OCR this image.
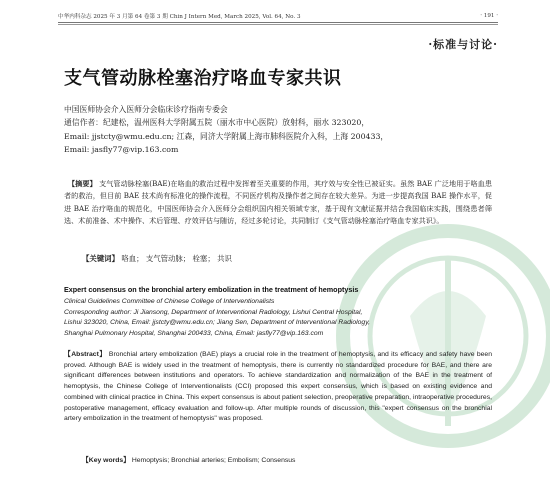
中华内科杂志 2025 年 3 月第 64 卷第 3 期 Chin J Intern Med, March 2025, Vol. 64, No. 3	· 191 ·
·标准与讨论·
支气管动脉栓塞治疗咯血专家共识
中国医师协会介入医师分会临床诊疗指南专委会
通信作者：纪建松，温州医科大学附属五院（丽水市中心医院）放射科，丽水 323020，
Email: jjstcty@wmu.edu.cn; 江森，同济大学附属上海市肺科医院介入科，上海 200433，
Email: jasfly77@vip.163.com
【摘要】 支气管动脉栓塞(BAE)在咯血的救治过程中发挥着至关重要的作用，其疗效与安全性已被证实。虽然 BAE 广泛地用于咯血患者的救治，但目前 BAE 技术尚有标准化的操作流程，不同医疗机构及操作者之间存在较大差异。为进一步提高我国 BAE 操作水平，促进 BAE 治疗咯血的规范化，中国医师协会介入医师分会组织国内相关领域专家，基于现有文献证据并结合我国临床实践，围绕患者筛选、术前准备、术中操作、术后管理、疗效评估与随访，经过多轮讨论，共同制订《支气管动脉栓塞治疗咯血专家共识》。
【关键词】 咯血； 支气管动脉； 栓塞； 共识
Expert consensus on the bronchial artery embolization in the treatment of hemoptysis
Clinical Guidelines Committee of Chinese College of Interventionalists
Corresponding author: Ji Jiansong, Department of Interventional Radiology, Lishui Central Hospital,
Lishui 323020, China, Email: jjstcty@wmu.edu.cn; Jiang Sen, Department of Interventional Radiology,
Shanghai Pulmonary Hospital, Shanghai 200433, China, Email: jasfly77@vip.163.com
【Abstract】 Bronchial artery embolization (BAE) plays a crucial role in the treatment of hemoptysis, and its efficacy and safety have been proved. Although BAE is widely used in the treatment of hemoptysis, there is currently no standardized procedure for BAE, and there are significant differences between institutions and operators. To achieve standardization and normalization of the BAE in the treatment of hemoptysis, the Chinese College of Interventionalists (CCI) proposed this expert consensus, which is based on existing evidence and combined with clinical practice in China. This expert consensus is about patient selection, preoperative preparation, intraoperative procedures, postoperative management, efficacy evaluation and follow-up. After multiple rounds of discussion, this "expert consensus on the bronchial artery embolization in the treatment of hemoptysis" was proposed.
【Key words】 Hemoptysis; Bronchial arteries; Embolism; Consensus
